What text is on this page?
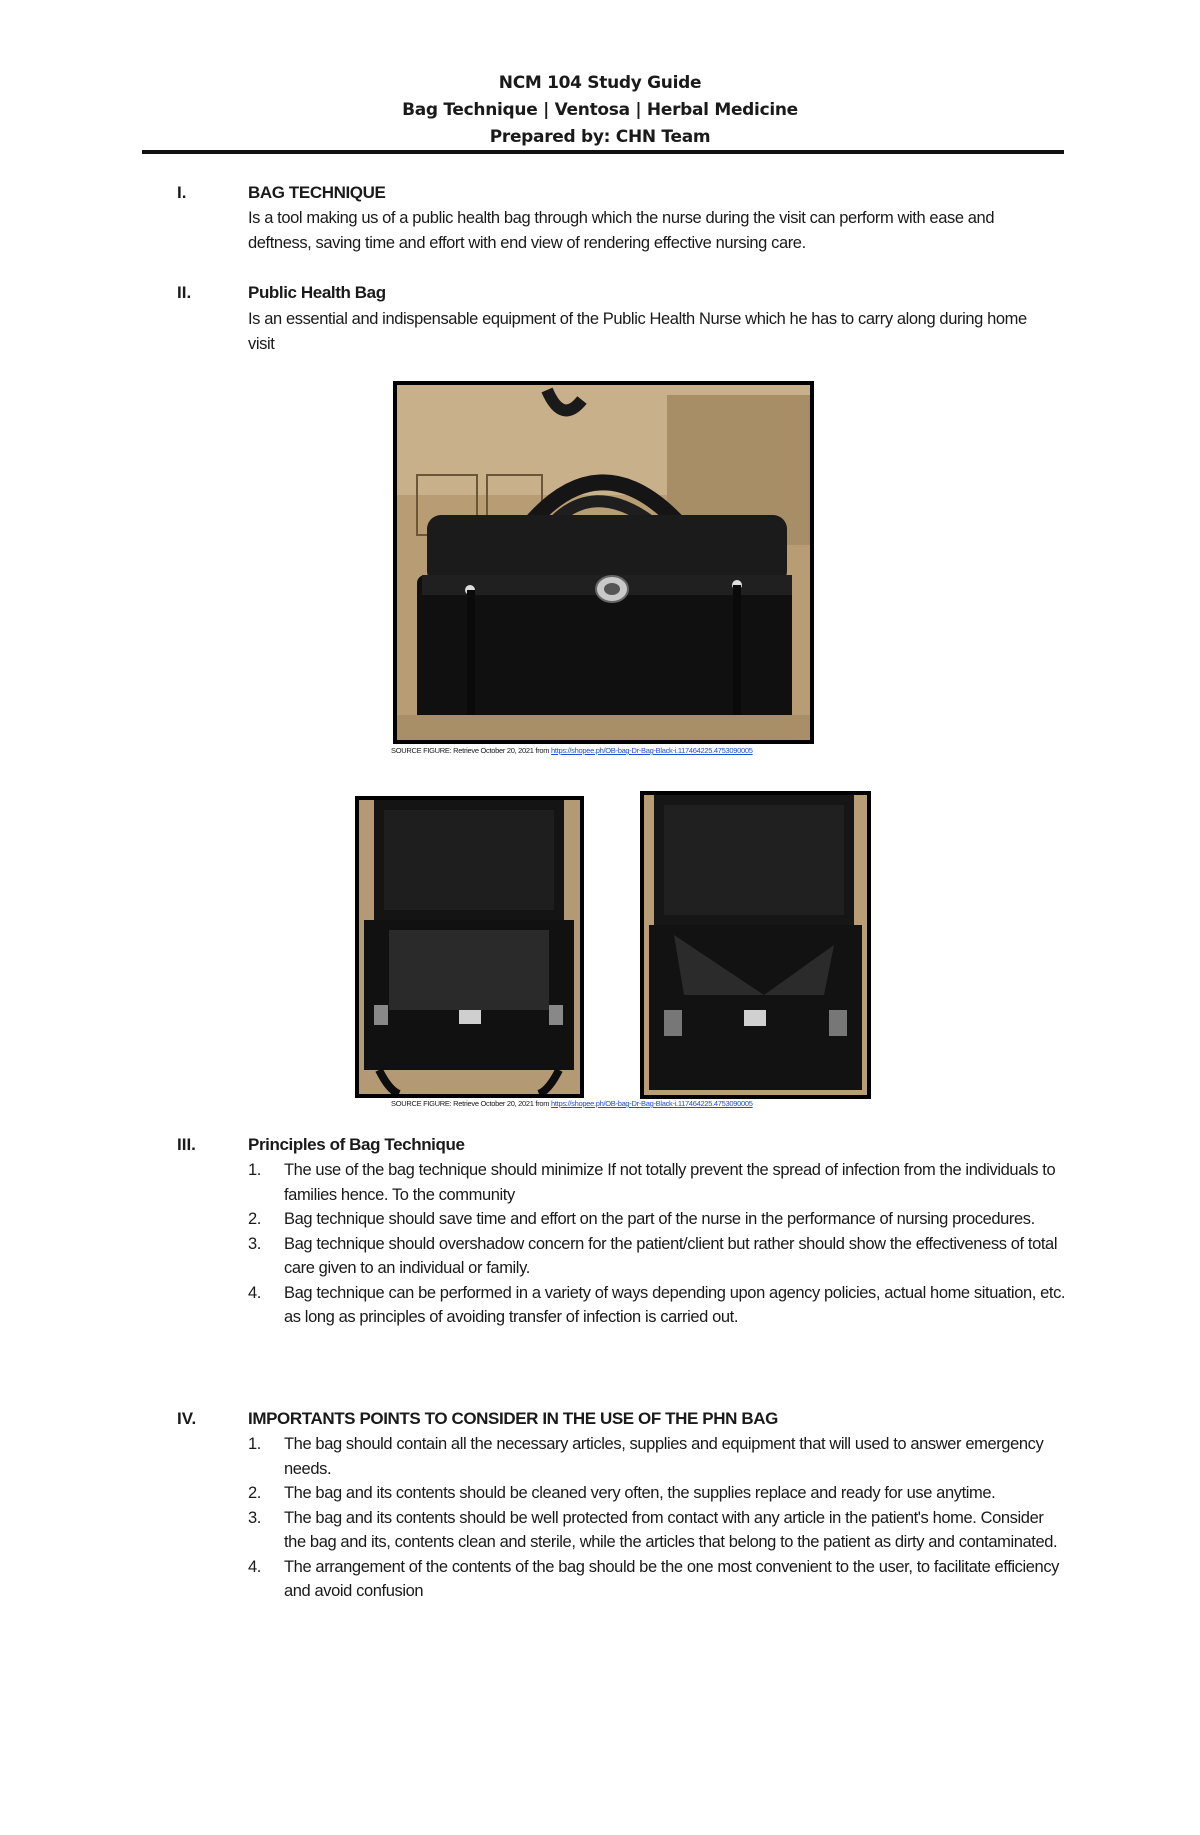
NCM 104 Study Guide
Bag Technique | Ventosa | Herbal Medicine
Prepared by: CHN Team
I.	BAG TECHNIQUE
Is a tool making us of a public health bag through which the nurse during the visit can perform with ease and deftness, saving time and effort with end view of rendering effective nursing care.
II.	Public Health Bag
Is an essential and indispensable equipment of the Public Health Nurse which he has to carry along during home visit
SOURCE FIGURE: Retrieve October 20, 2021 from https://shopee.ph/OB-bag-Dr-Bag-Black-i.117464225.4753090005
SOURCE FIGURE: Retrieve October 20, 2021 from https://shopee.ph/OB-bag-Dr-Bag-Black-i.117464225.4753090005
III.	Principles of Bag Technique
1. The use of the bag technique should minimize If not totally prevent the spread of infection from the individuals to families hence. To the community
2. Bag technique should save time and effort on the part of the nurse in the performance of nursing procedures.
3. Bag technique should overshadow concern for the patient/client but rather should show the effectiveness of total care given to an individual or family.
4. Bag technique can be performed in a variety of ways depending upon agency policies, actual home situation, etc. as long as principles of avoiding transfer of infection is carried out.
IV.	IMPORTANTS POINTS TO CONSIDER IN THE USE OF THE PHN BAG
1. The bag should contain all the necessary articles, supplies and equipment that will used to answer emergency needs.
2. The bag and its contents should be cleaned very often, the supplies replace and ready for use anytime.
3. The bag and its contents should be well protected from contact with any article in the patient's home. Consider the bag and its, contents clean and sterile, while the articles that belong to the patient as dirty and contaminated.
4. The arrangement of the contents of the bag should be the one most convenient to the user, to facilitate efficiency and avoid confusion
